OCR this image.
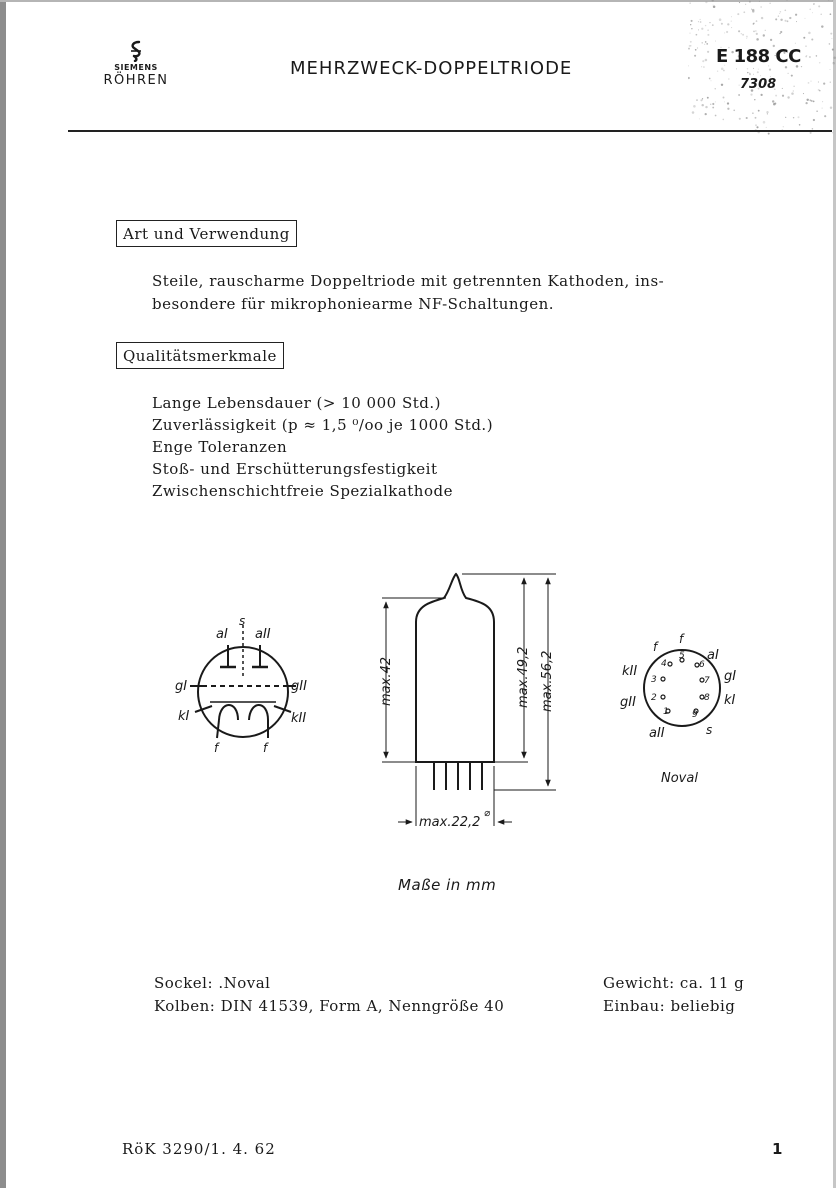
SIEMENS
RÖHREN
MEHRZWECK-DOPPELTRIODE
E 188 CC
7308
Art und Verwendung

Steile, rauscharme Doppeltriode mit getrennten Kathoden, ins-
besondere für mikrophoniearme NF-Schaltungen.

Qualitätsmerkmale
Lange Lebensdauer (> 10 000 Std.)
Zuverlässigkeit (p ≈ 1,5 ⁰/oo je 1000 Std.)
Enge Toleranzen
Stoß- und Erschütterungsfestigkeit
Zwischenschichtfreie Spezialkathode
s
aI aII
gI	gII
kI	kII
f	f
max.42	max.49,2 max.56,2
max.22,2
⌀
1
2
3
4
5
6
7
8
9
f
f
aI
kII	gI
gII	kI
aII	s
Noval
Maße in mm
Sockel: .Noval
Kolben: DIN 41539, Form A, Nenngröße 40
Gewicht: ca. 11 g
Einbau: beliebig
RöK 3290/1. 4. 62	1
